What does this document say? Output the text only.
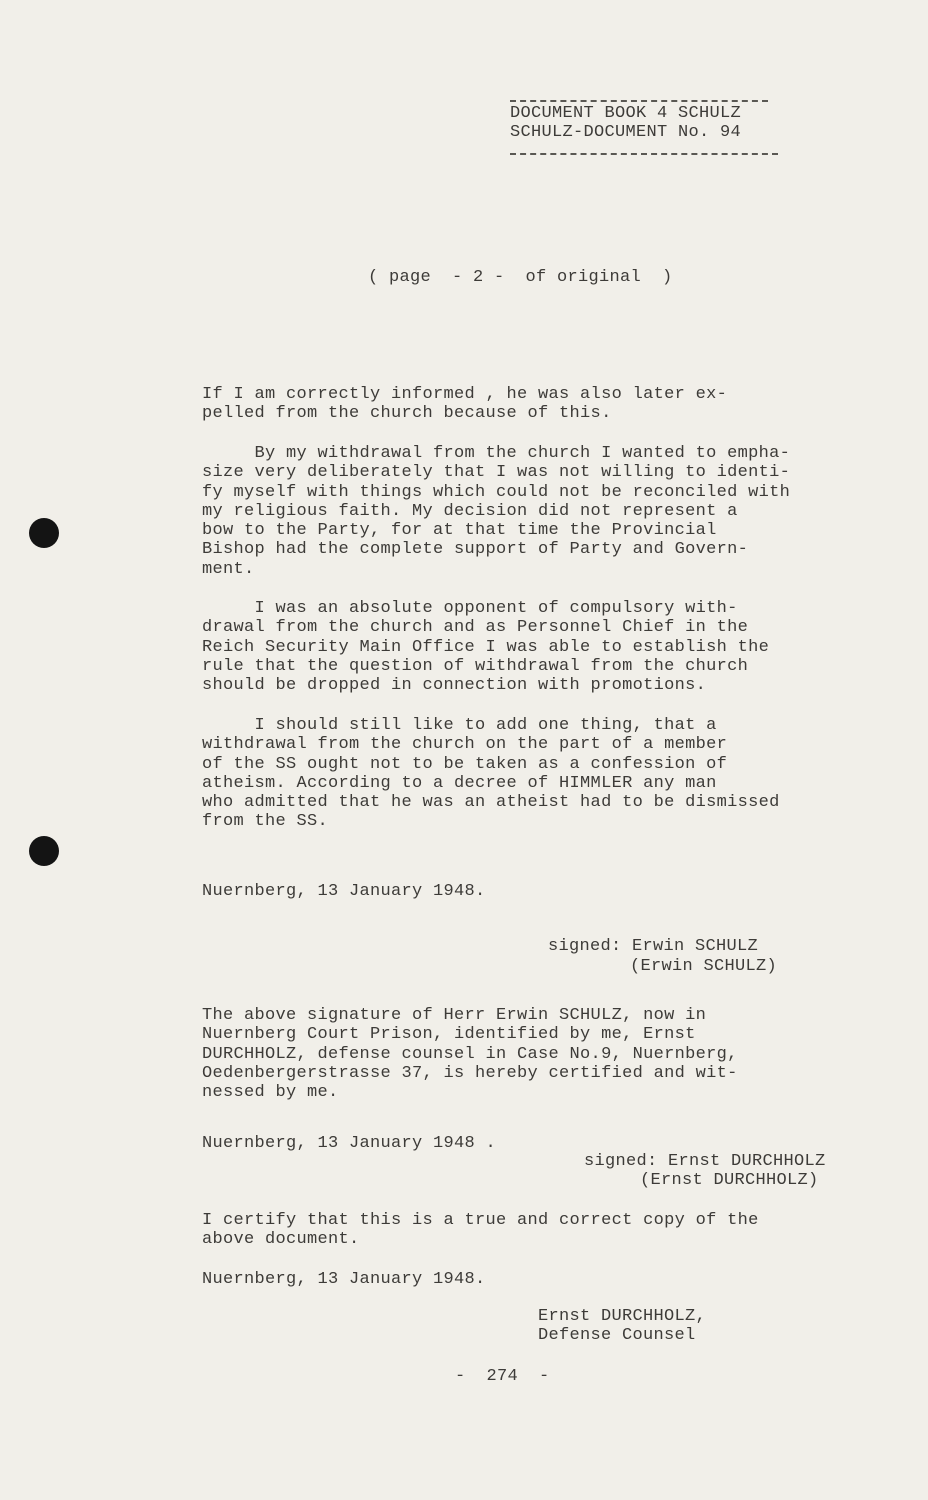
DOCUMENT BOOK 4 SCHULZ

SCHULZ-DOCUMENT No. 94

( page  - 2 -  of original  )

If I am correctly informed , he was also later ex-
pelled from the church because of this.

By my withdrawal from the church I wanted to empha-
size very deliberately that I was not willing to identi-
fy myself with things which could not be reconciled with
my religious faith. My decision did not represent a
bow to the Party, for at that time the Provincial
Bishop had the complete support of Party and Govern-
ment.

I was an absolute opponent of compulsory with-
drawal from the church and as Personnel Chief in the
Reich Security Main Office I was able to establish the
rule that the question of withdrawal from the church
should be dropped in connection with promotions.

I should still like to add one thing, that a
withdrawal from the church on the part of a member
of the SS ought not to be taken as a confession of
atheism. According to a decree of HIMMLER any man
who admitted that he was an atheist had to be dismissed
from the SS.

Nuernberg, 13 January 1948.

signed: Erwin SCHULZ

(Erwin SCHULZ)

The above signature of Herr Erwin SCHULZ, now in
Nuernberg Court Prison, identified by me, Ernst
DURCHHOLZ, defense counsel in Case No.9, Nuernberg,
Oedenbergerstrasse 37, is hereby certified and wit-
nessed by me.

Nuernberg, 13 January 1948 .

signed: Ernst DURCHHOLZ

(Ernst DURCHHOLZ)

I certify that this is a true and correct copy of the
above document.

Nuernberg, 13 January 1948.

Ernst DURCHHOLZ,

Defense Counsel

-  274  -
